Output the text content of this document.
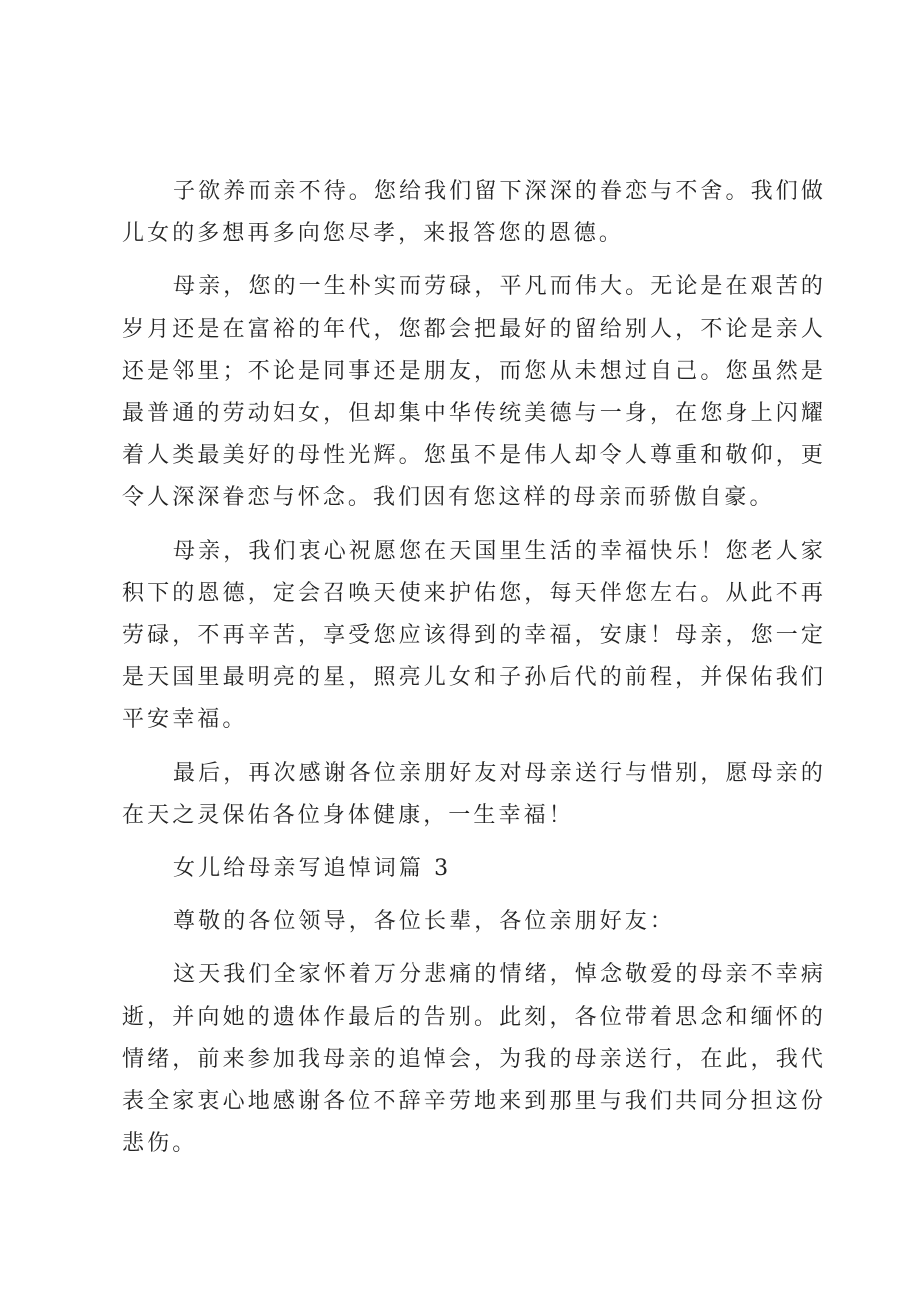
子欲养而亲不待。您给我们留下深深的眷恋与不舍。我们做儿女的多想再多向您尽孝，来报答您的恩德。

母亲，您的一生朴实而劳碌，平凡而伟大。无论是在艰苦的岁月还是在富裕的年代，您都会把最好的留给别人，不论是亲人还是邻里；不论是同事还是朋友，而您从未想过自己。您虽然是最普通的劳动妇女，但却集中华传统美德与一身，在您身上闪耀着人类最美好的母性光辉。您虽不是伟人却令人尊重和敬仰，更令人深深眷恋与怀念。我们因有您这样的母亲而骄傲自豪。

母亲，我们衷心祝愿您在天国里生活的幸福快乐！您老人家积下的恩德，定会召唤天使来护佑您，每天伴您左右。从此不再劳碌，不再辛苦，享受您应该得到的幸福，安康！母亲，您一定是天国里最明亮的星，照亮儿女和子孙后代的前程，并保佑我们平安幸福。

最后，再次感谢各位亲朋好友对母亲送行与惜别，愿母亲的在天之灵保佑各位身体健康，一生幸福！

女儿给母亲写追悼词篇 3

尊敬的各位领导，各位长辈，各位亲朋好友：

这天我们全家怀着万分悲痛的情绪，悼念敬爱的母亲不幸病逝，并向她的遗体作最后的告别。此刻，各位带着思念和缅怀的情绪，前来参加我母亲的追悼会，为我的母亲送行，在此，我代表全家衷心地感谢各位不辞辛劳地来到那里与我们共同分担这份悲伤。
